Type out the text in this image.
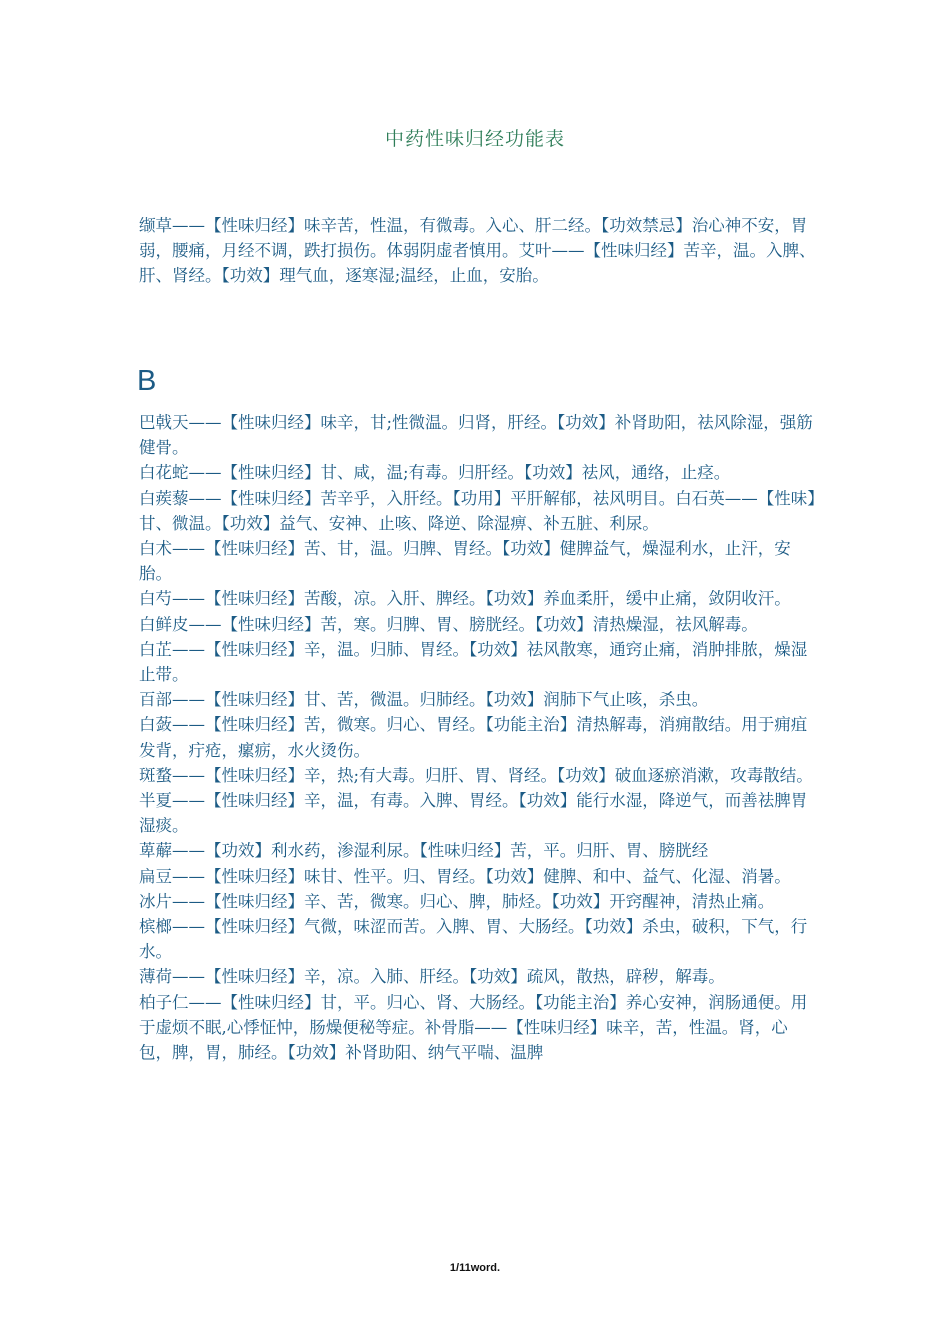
中药性味归经功能表
缬草——【性味归经】味辛苦，性温，有微毒。入心、肝二经。【功效禁忌】治心神不安，胃弱，腰痛，月经不调，跌打损伤。体弱阴虚者慎用。艾叶——【性味归经】苦辛，温。入脾、肝、肾经。【功效】理气血，逐寒湿;温经，止血，安胎。
B

巴戟天——【性味归经】味辛，甘;性微温。归肾，肝经。【功效】补肾助阳，祛风除湿，强筋健骨。

白花蛇——【性味归经】甘、咸，温;有毒。归肝经。【功效】祛风，通络，止痉。

白蒺藜——【性味归经】苦辛乎，入肝经。【功用】平肝解郁，祛风明目。白石英——【性味】甘、微温。【功效】益气、安神、止咳、降逆、除湿痹、补五脏、利尿。

白术——【性味归经】苦、甘，温。归脾、胃经。【功效】健脾益气，燥湿利水，止汗，安胎。

白芍——【性味归经】苦酸，凉。入肝、脾经。【功效】养血柔肝，缓中止痛，敛阴收汗。

白鲜皮——【性味归经】苦，寒。归脾、胃、膀胱经。【功效】清热燥湿，祛风解毒。

白芷——【性味归经】辛，温。归肺、胃经。【功效】祛风散寒，通窍止痛，消肿排脓，燥湿止带。

百部——【性味归经】甘、苦，微温。归肺经。【功效】润肺下气止咳，杀虫。

白蔹——【性味归经】苦，微寒。归心、胃经。【功能主治】清热解毒，消痈散结。用于痈疽发背，疔疮，瘰疬，水火烫伤。

斑蝥——【性味归经】辛，热;有大毒。归肝、胃、肾经。【功效】破血逐瘀消漱，攻毒散结。

半夏——【性味归经】辛，温，有毒。入脾、胃经。【功效】能行水湿，降逆气，而善祛脾胃湿痰。

萆薢——【功效】利水药，渗湿利尿。【性味归经】苦，平。归肝、胃、膀胱经

扁豆——【性味归经】味甘、性平。归、胃经。【功效】健脾、和中、益气、化湿、消暑。

冰片——【性味归经】辛、苦，微寒。归心、脾，肺烃。【功效】开窍醒神，清热止痛。

槟榔——【性味归经】气微，味涩而苦。入脾、胃、大肠经。【功效】杀虫，破积，下气，行水。

薄荷——【性味归经】辛，凉。入肺、肝经。【功效】疏风，散热，辟秽，解毒。

柏子仁——【性味归经】甘，平。归心、肾、大肠经。【功能主治】养心安神，润肠通便。用于虚烦不眠,心悸怔忡，肠燥便秘等症。补骨脂——【性味归经】味辛，苦，性温。肾，心包，脾，胃，肺经。【功效】补肾助阳、纳气平喘、温脾

1/11word.
